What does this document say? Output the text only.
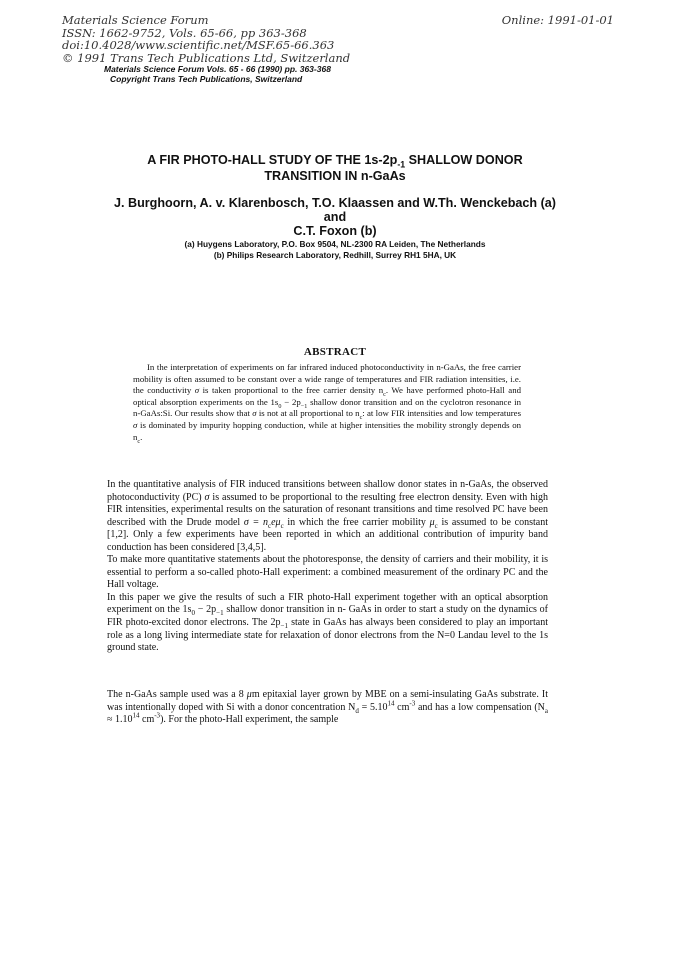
Materials Science Forum
ISSN: 1662-9752, Vols. 65-66, pp 363-368
doi:10.4028/www.scientific.net/MSF.65-66.363
© 1991 Trans Tech Publications Ltd, Switzerland
Online: 1991-01-01
Materials Science Forum Vols. 65 - 66 (1990) pp. 363-368
Copyright Trans Tech Publications, Switzerland
A FIR PHOTO-HALL STUDY OF THE $1s-2p_{-1}$ SHALLOW DONOR
TRANSITION IN n-GaAs
J. Burghoorn, A. v. Klarenbosch, T.O. Klaassen and W.Th. Wenckebach (a)
and
C.T. Foxon (b)
(a) Huygens Laboratory, P.O. Box 9504, NL-2300 RA Leiden, The Netherlands
(b) Philips Research Laboratory, Redhill, Surrey RH1 5HA, UK
ABSTRACT

In the interpretation of experiments on far infrared induced photoconductivity in n-GaAs, the free carrier mobility is often assumed to be constant over a wide range of temperatures and FIR radiation intensities, i.e. the conductivity σ is taken proportional to the free carrier density $n_c$. We have performed photo-Hall and optical absorption experiments on the $1s_0 - 2p_{-1}$ shallow donor transition and on the cyclotron resonance in n-GaAs:Si. Our results show that σ is not at all proportional to $n_c$: at low FIR intensities and low temperatures σ is dominated by impurity hopping conduction, while at higher intensities the mobility strongly depends on $n_c$.

In the quantitative analysis of FIR induced transitions between shallow donor states in n-GaAs, the observed photoconductivity (PC) σ is assumed to be proportional to the resulting free electron density. Even with high FIR intensities, experimental results on the saturation of resonant transitions and time resolved PC have been described with the Drude model $\sigma = n_ce\mu_c$ in which the free carrier mobility $\mu_c$ is assumed to be constant [1,2]. Only a few experiments have been reported in which an additional contribution of impurity band conduction has been considered [3,4,5].

To make more quantitative statements about the photoresponse, the density of carriers and their mobility, it is essential to perform a so-called photo-Hall experiment: a combined measurement of the ordinary PC and the Hall voltage.

In this paper we give the results of such a FIR photo-Hall experiment together with an optical absorption experiment on the $1s_0 - 2p_{-1}$ shallow donor transition in n- GaAs in order to start a study on the dynamics of FIR photo-excited donor electrons. The $2p_{-1}$ state in GaAs has always been considered to play an important role as a long living intermediate state for relaxation of donor electrons from the N=0 Landau level to the 1s ground state.

The n-GaAs sample used was a 8 μm epitaxial layer grown by MBE on a semi-insulating GaAs substrate. It was intentionally doped with Si with a donor concentration $N_d = 5.10^{14}$ $cm^{-3}$ and has a low compensation ($N_a \approx 1.10^{14}$ $cm^{-3}$). For the photo-Hall experiment, the sample
